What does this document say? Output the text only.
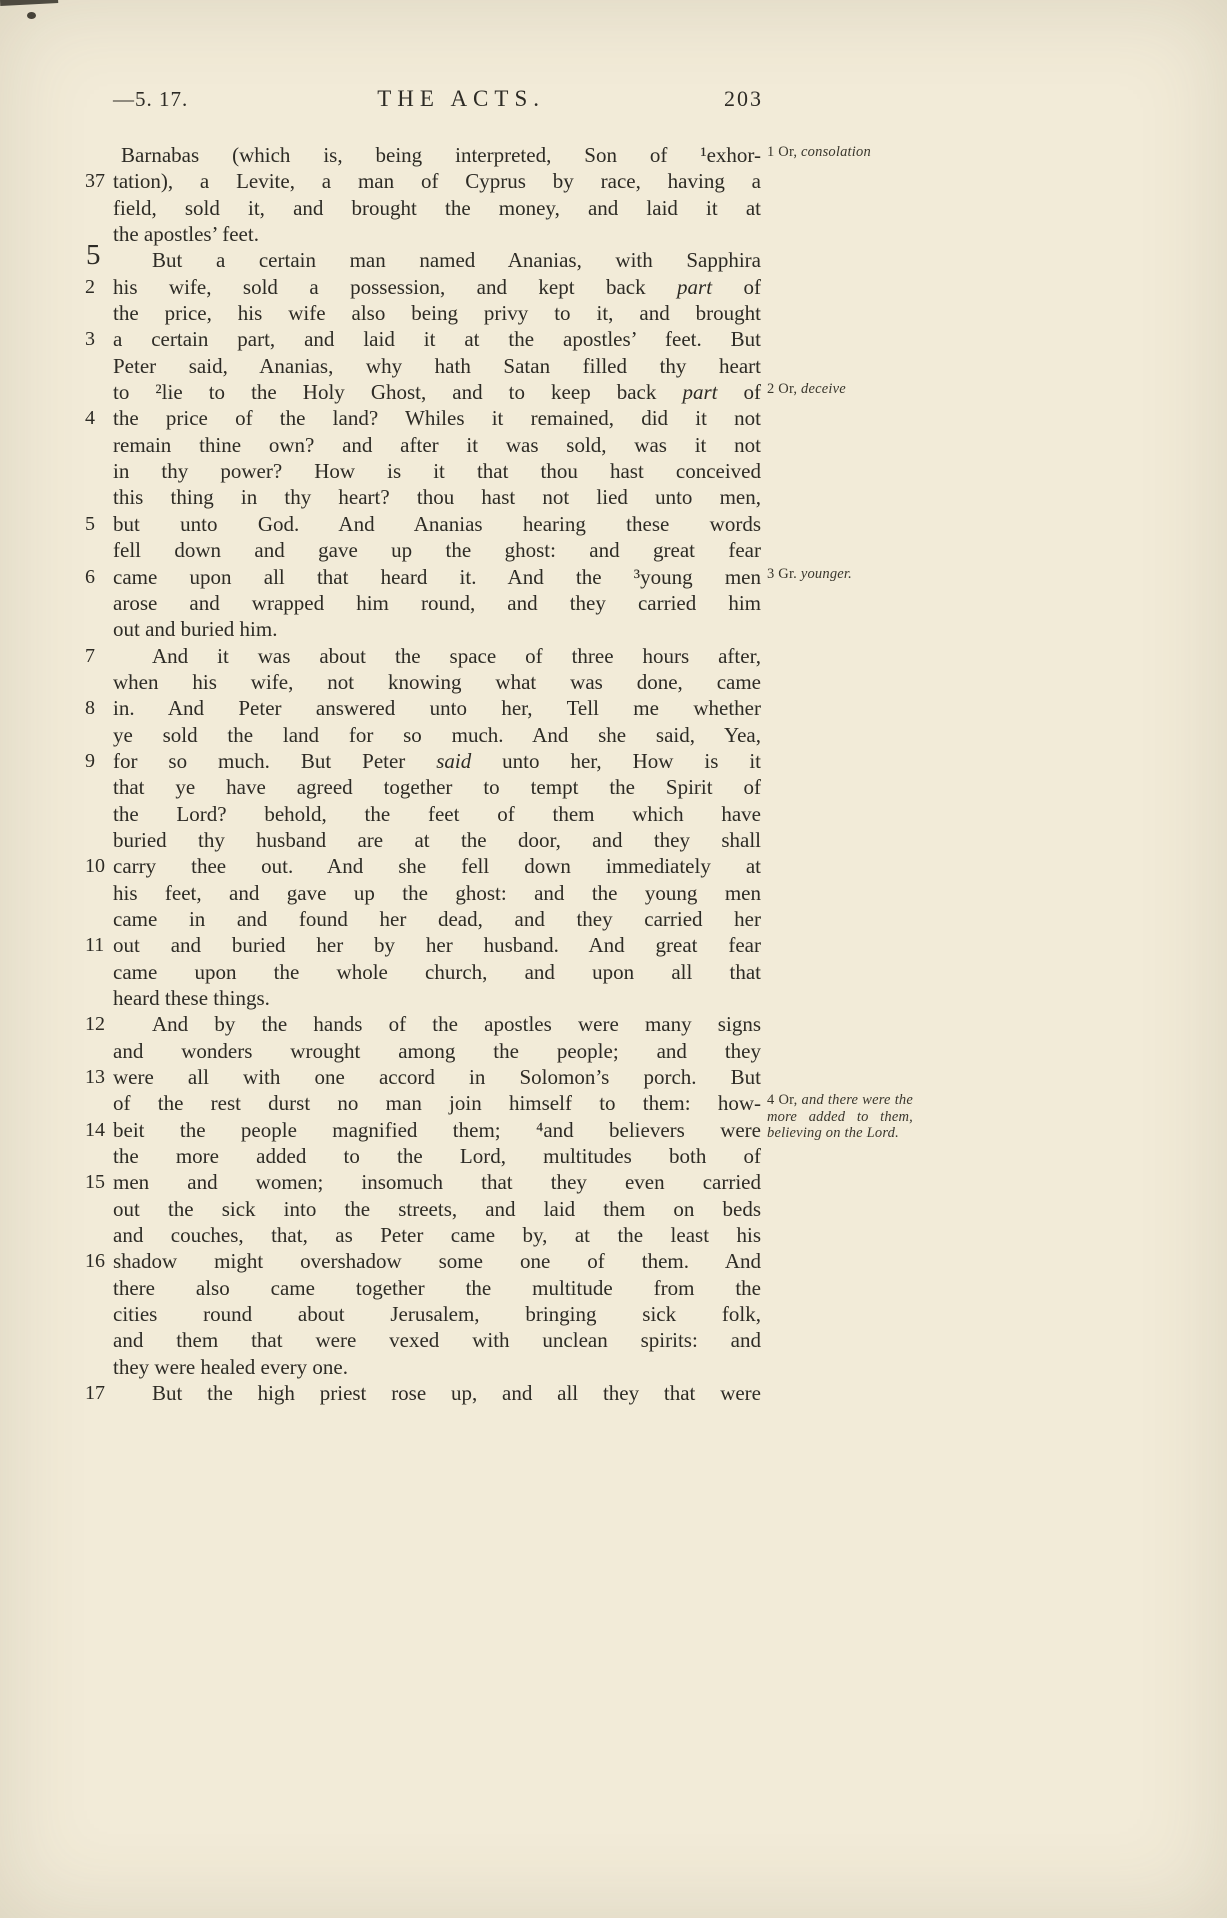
—5. 17.	THE ACTS.	203
Barnabas (which is, being interpreted, Son of ¹exhor- 1 Or, consolation
37 tation), a Levite, a man of Cyprus by race, having a
field, sold it, and brought the money, and laid it at
the apostles’ feet.
5 But a certain man named Ananias, with Sapphira
2 his wife, sold a possession, and kept back part of
the price, his wife also being privy to it, and brought
3 a certain part, and laid it at the apostles’ feet. But
Peter said, Ananias, why hath Satan filled thy heart
to ²lie to the Holy Ghost, and to keep back part of 2 Or, deceive
4 the price of the land? Whiles it remained, did it not
remain thine own? and after it was sold, was it not
in thy power? How is it that thou hast conceived
this thing in thy heart? thou hast not lied unto men,
5 but unto God. And Ananias hearing these words
fell down and gave up the ghost: and great fear
6 came upon all that heard it. And the ³young men 3 Gr. younger.
arose and wrapped him round, and they carried him
out and buried him.
7	And it was about the space of three hours after,
when his wife, not knowing what was done, came
8 in. And Peter answered unto her, Tell me whether
ye sold the land for so much. And she said, Yea,
9 for so much. But Peter said unto her, How is it
that ye have agreed together to tempt the Spirit of
the Lord? behold, the feet of them which have
buried thy husband are at the door, and they shall
10 carry thee out. And she fell down immediately at
his feet, and gave up the ghost: and the young men
came in and found her dead, and they carried her
11 out and buried her by her husband. And great fear
came upon the whole church, and upon all that
heard these things.
12 And by the hands of the apostles were many signs
and wonders wrought among the people; and they
13 were all with one accord in Solomon’s porch. But
of the rest durst no man join himself to them: how- 4 Or, and there were the more added to them, believing on the Lord.
14 beit the people magnified them; ⁴and believers were
the more added to the Lord, multitudes both of
15 men and women; insomuch that they even carried
out the sick into the streets, and laid them on beds
and couches, that, as Peter came by, at the least his
16 shadow might overshadow some one of them. And
there also came together the multitude from the
cities round about Jerusalem, bringing sick folk,
and them that were vexed with unclean spirits: and
they were healed every one.
17 But the high priest rose up, and all they that were
